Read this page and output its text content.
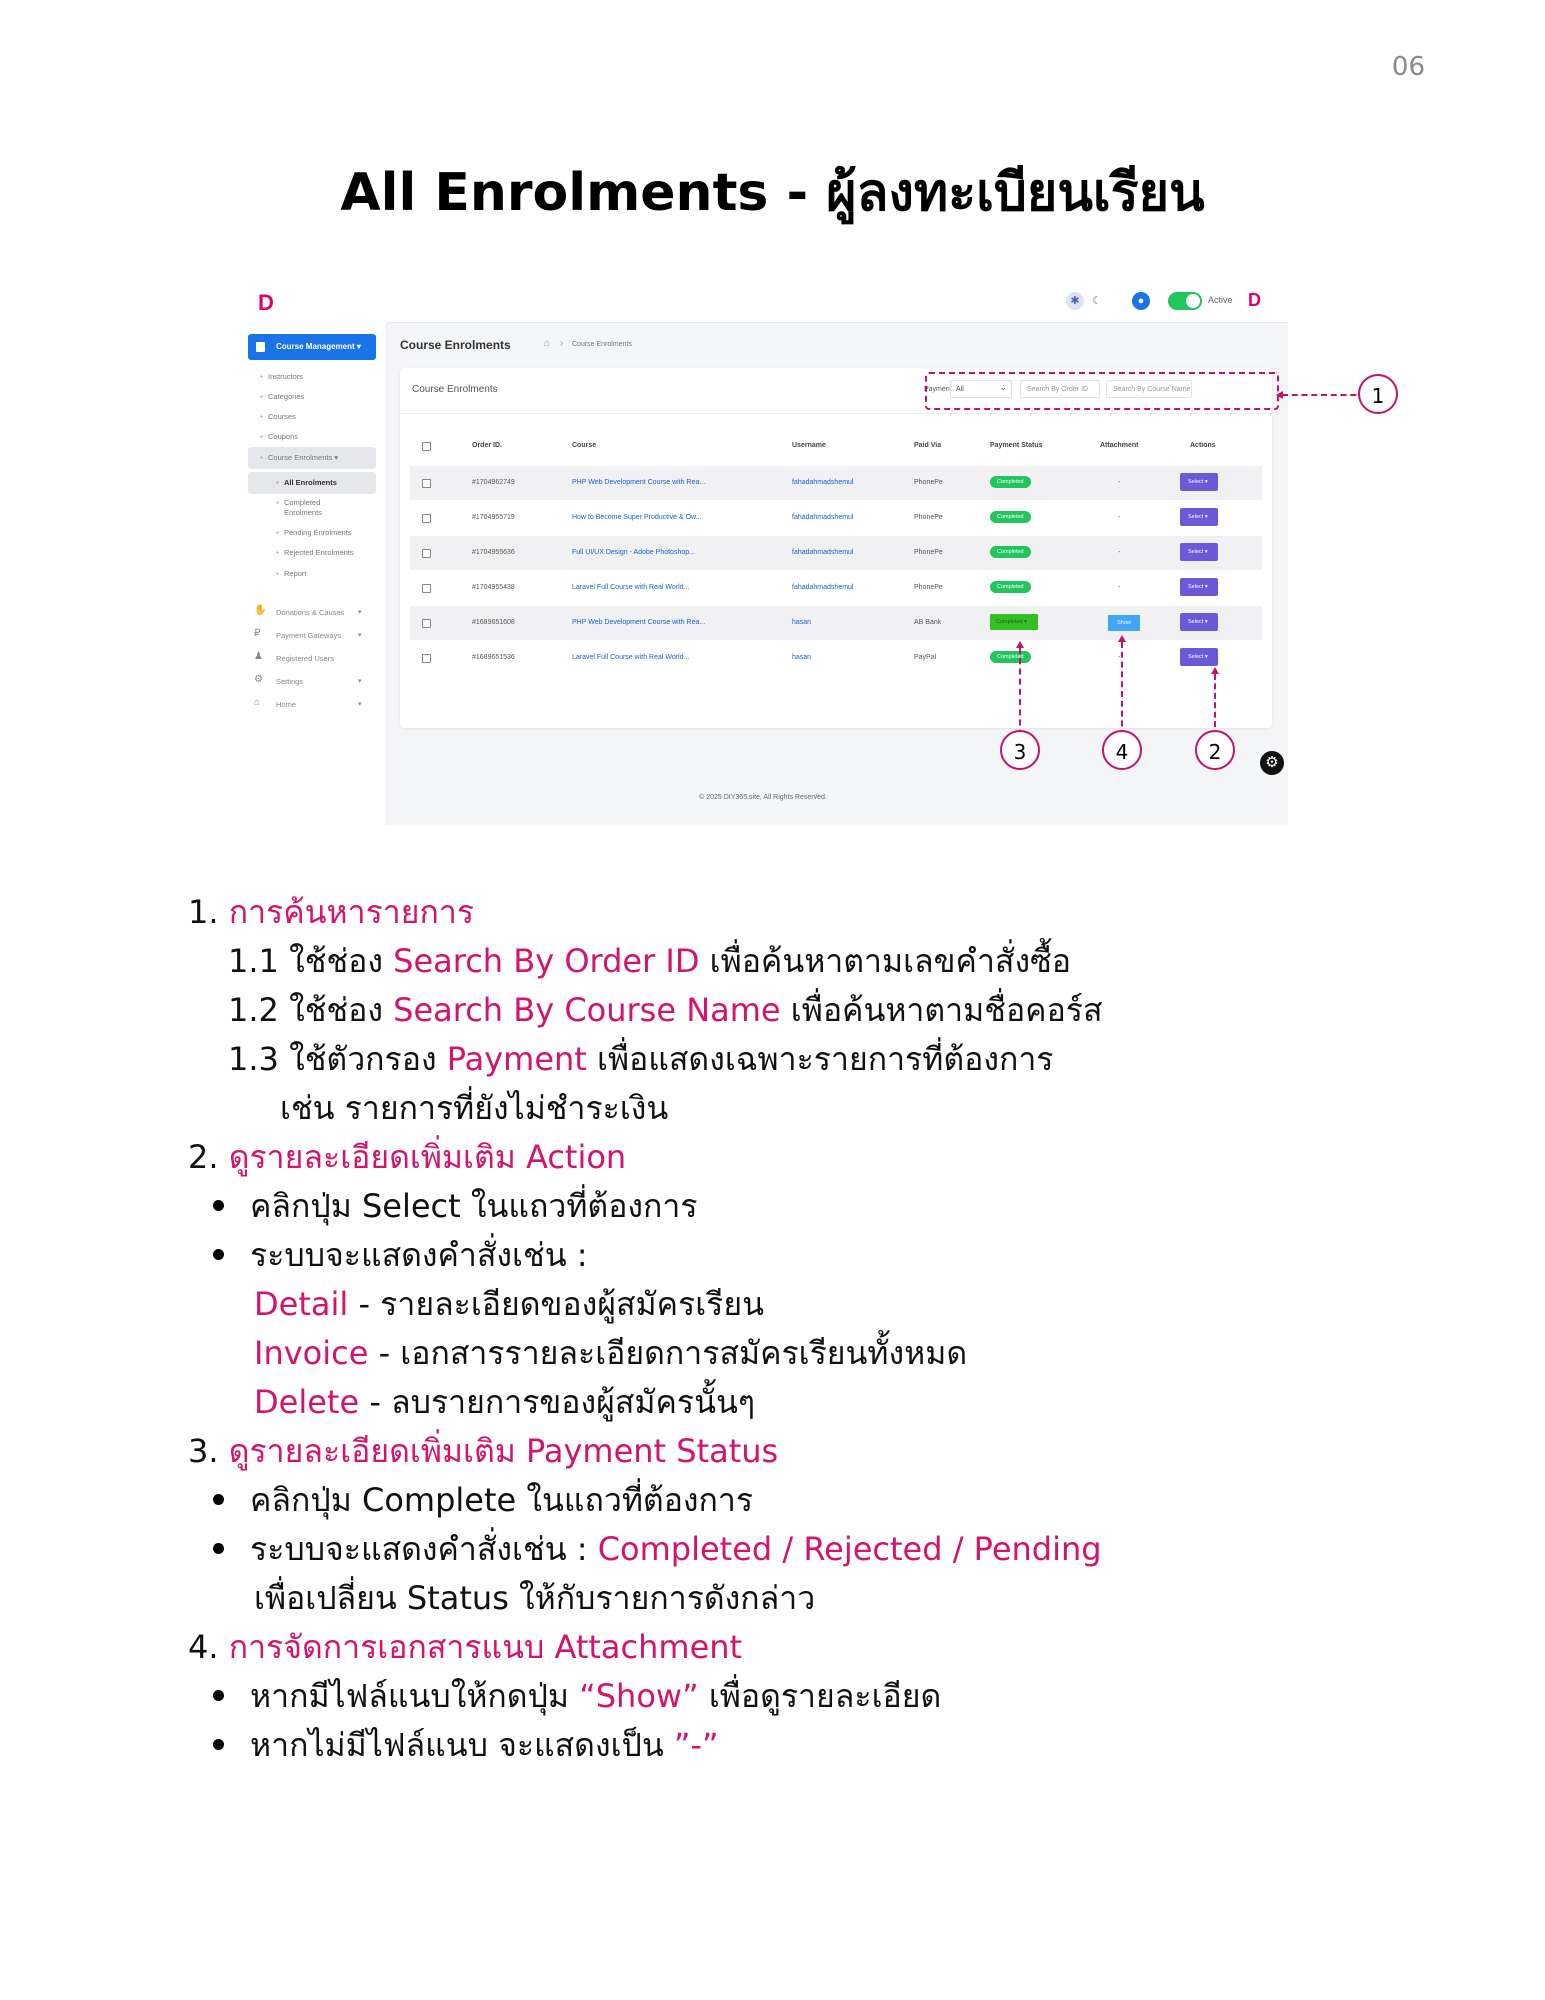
06
All Enrolments - ผู้ลงทะเบียนเรียน
D	✱	☾	●	Active D
Course Management ▾
• Instructors
• Categories
• Courses
• Coupons
• Course Enrolments ▾
• All Enrolments
• Completed Enrolments
• Pending Enrolments
• Rejected Enrolments
• Report
✋ Donations & Causes ▾
₽ Payment Gateways ▾
♟ Registered Users
⚙ Settings	▾
⌂ Home	▾
Course Enrolments	⌂ › Course Enrolments
Course Enrolments	Payment All ⌄	Search By Order ID	Search By Course Name
Order ID.	Course	Username	Paid Via	Payment Status	Attachment	Actions
#1704962749	PHP Web Development Course with Rea...	fahadahmadshemul	PhonePe	Completed	-	Select ▾
#1704955719	How to Become Super Productive & Ow...	fahadahmadshemul	PhonePe	Completed	-	Select ▾
#1704955636	Full UI/UX Design - Adobe Photoshop...	fahadahmadshemul	PhonePe	Completed	-	Select ▾
#1704955438	Laravel Full Course with Real World...	fahadahmadshemul	PhonePe	Completed	-	Select ▾
#1689651608	PHP Web Development Course with Rea...	hasan	AB Bank	Completed ▾	Show	Select ▾
#1689651536	Laravel Full Course with Real World...	hasan	PayPal	Completed	-	Select ▾
© 2025 DIY365.site, All Rights Reserved.
⚙
1
3	4	2
1. การค้นหารายการ
1.1 ใช้ช่อง Search By Order ID เพื่อค้นหาตามเลขคำสั่งซื้อ
1.2 ใช้ช่อง Search By Course Name เพื่อค้นหาตามชื่อคอร์ส
1.3 ใช้ตัวกรอง Payment เพื่อแสดงเฉพาะรายการที่ต้องการ
เช่น รายการที่ยังไม่ชำระเงิน
2. ดูรายละเอียดเพิ่มเติม Action
คลิกปุ่ม Select ในแถวที่ต้องการ
ระบบจะแสดงคำสั่งเช่น :
Detail - รายละเอียดของผู้สมัครเรียน
Invoice - เอกสารรายละเอียดการสมัครเรียนทั้งหมด
Delete - ลบรายการของผู้สมัครนั้นๆ
3. ดูรายละเอียดเพิ่มเติม Payment Status
คลิกปุ่ม Complete ในแถวที่ต้องการ
ระบบจะแสดงคำสั่งเช่น : Completed / Rejected / Pending
เพื่อเปลี่ยน Status ให้กับรายการดังกล่าว
4. การจัดการเอกสารแนบ Attachment
หากมีไฟล์แนบให้กดปุ่ม “Show” เพื่อดูรายละเอียด
หากไม่มีไฟล์แนบ จะแสดงเป็น ”-”
